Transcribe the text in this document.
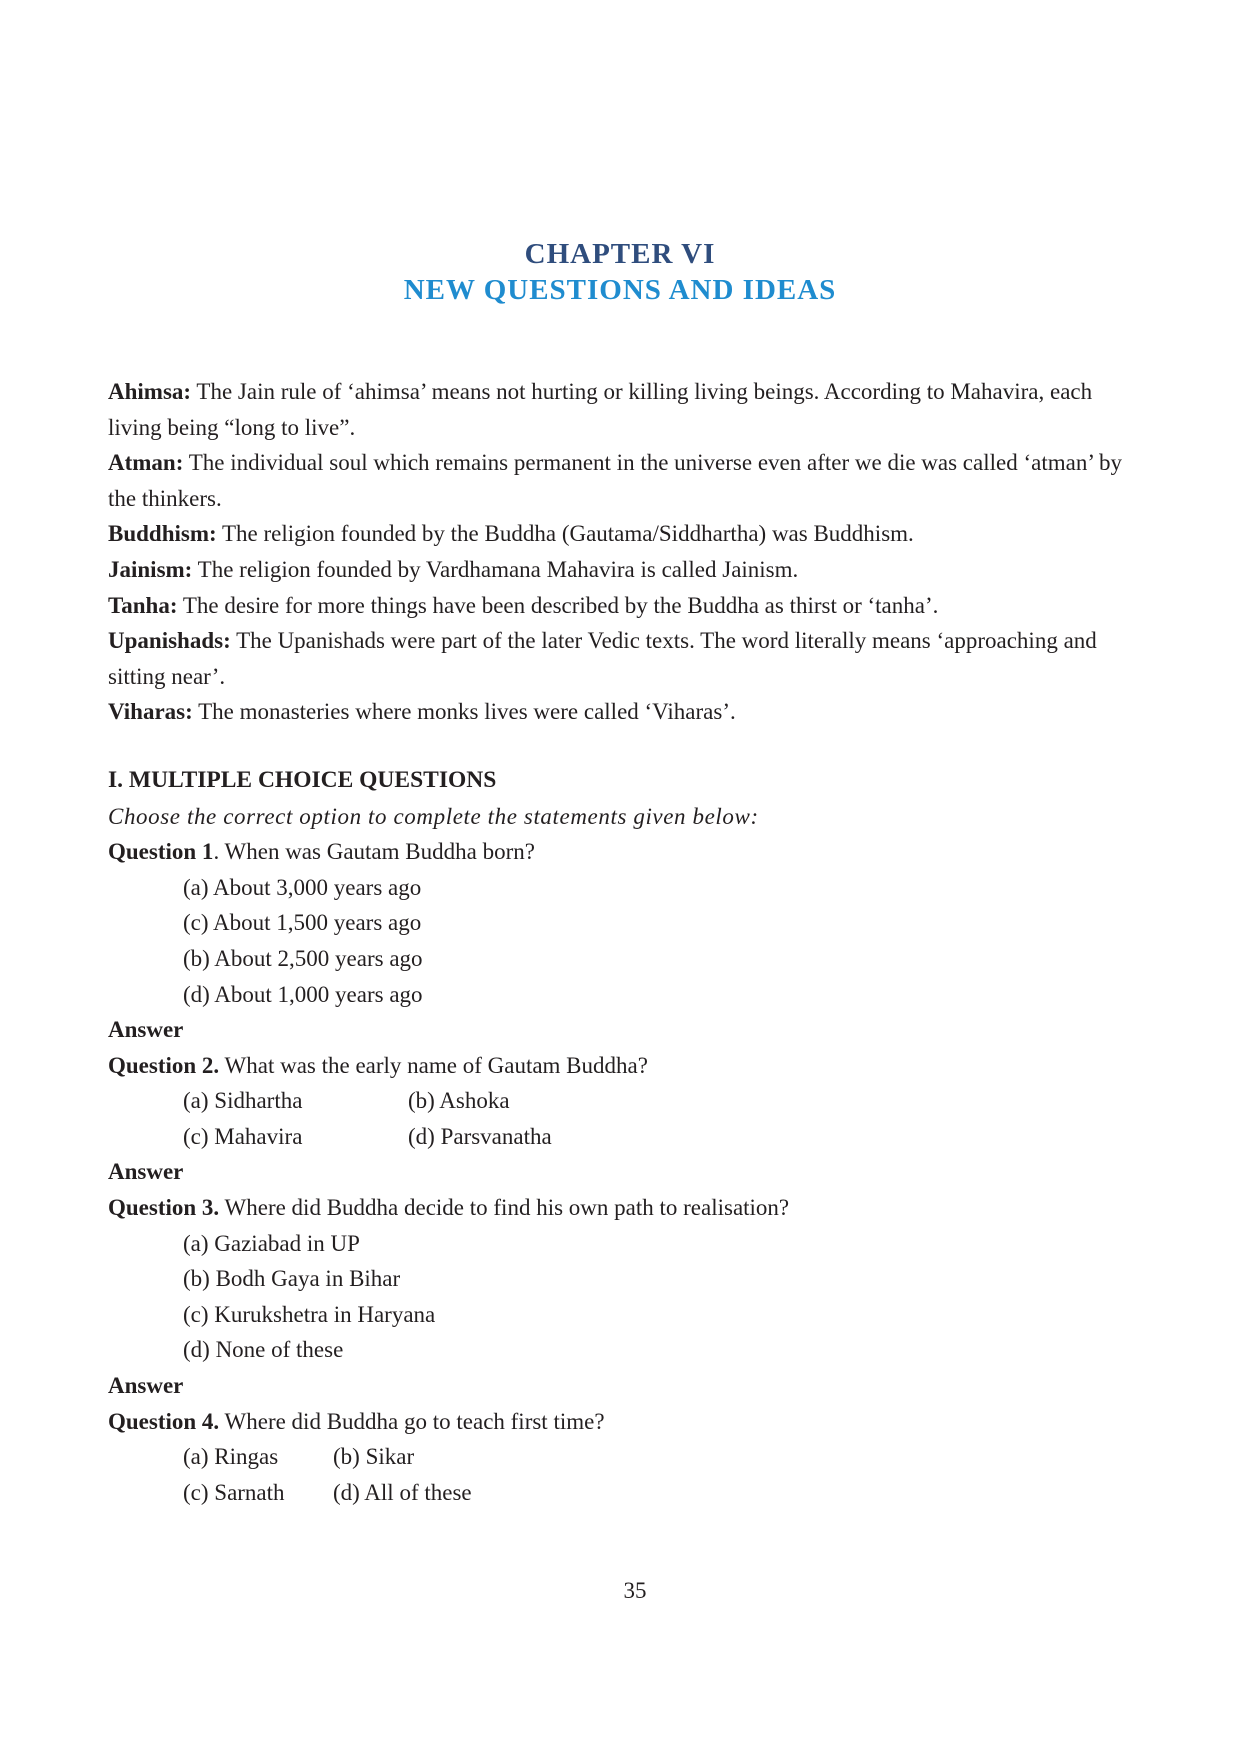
CHAPTER VI
NEW QUESTIONS AND IDEAS

Ahimsa: The Jain rule of ‘ahimsa’ means not hurting or killing living beings. According to Mahavira, each living being “long to live”.

Atman: The individual soul which remains permanent in the universe even after we die was called ‘atman’ by the thinkers.

Buddhism: The religion founded by the Buddha (Gautama/Siddhartha) was Buddhism.

Jainism: The religion founded by Vardhamana Mahavira is called Jainism.

Tanha: The desire for more things have been described by the Buddha as thirst or ‘tanha’.

Upanishads: The Upanishads were part of the later Vedic texts. The word literally means ‘approaching and sitting near’.

Viharas: The monasteries where monks lives were called ‘Viharas’.

I. MULTIPLE CHOICE QUESTIONS

Choose the correct option to complete the statements given below:

Question 1. When was Gautam Buddha born?

(a) About 3,000 years ago

(c) About 1,500 years ago

(b) About 2,500 years ago

(d) About 1,000 years ago

Answer

Question 2. What was the early name of Gautam Buddha?

(a) Sidhartha	(b) Ashoka
(c) Mahavira	(d) Parsvanatha

Answer

Question 3. Where did Buddha decide to find his own path to realisation?

(a) Gaziabad in UP

(b) Bodh Gaya in Bihar

(c) Kurukshetra in Haryana

(d) None of these

Answer

Question 4. Where did Buddha go to teach first time?

(a) Ringas	(b) Sikar
(c) Sarnath	(d) All of these
35
